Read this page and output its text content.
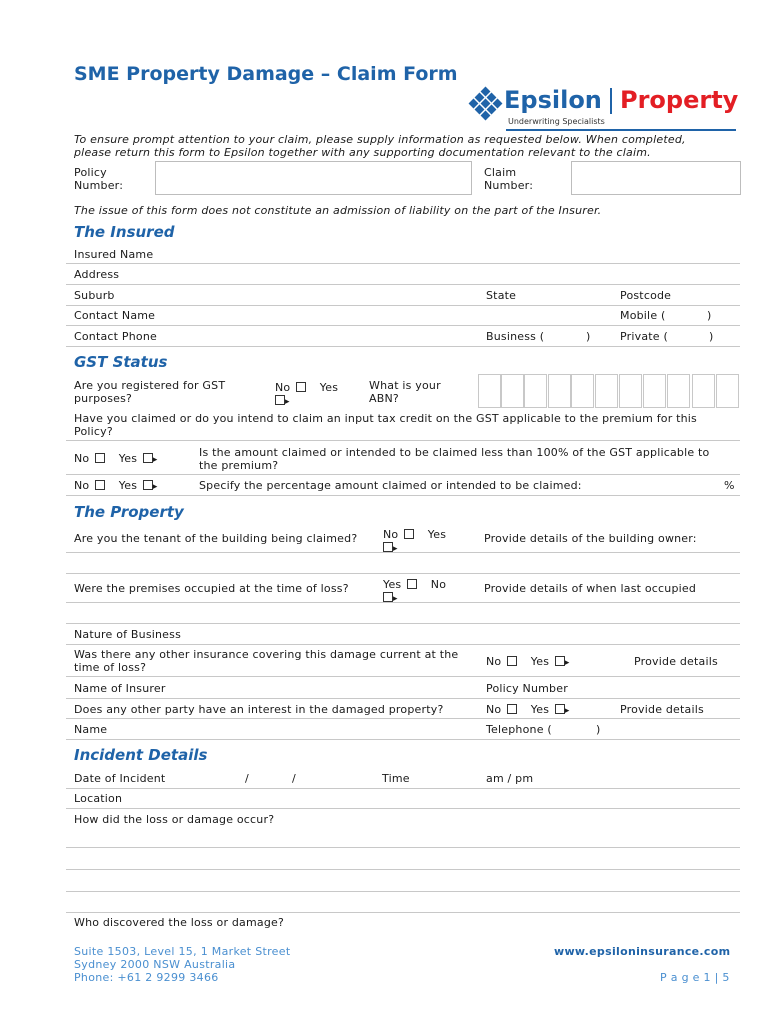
SME Property Damage – Claim Form
Epsilon Property
Underwriting Specialists
To ensure prompt attention to your claim, please supply information as requested below. When completed,
please return this form to Epsilon together with any supporting documentation relevant to the claim.
Policy
Number:
Claim
Number:
The issue of this form does not constitute an admission of liability on the part of the Insurer.
The Insured
Insured Name
Address
Suburb	State	Postcode
Contact Name	Mobile (	)
Contact Phone	Business (	)	Private (	)
GST Status
Are you registered for GST
purposes?
No	Yes
▸
What is your
ABN?
Have you claimed or do you intend to claim an input tax credit on the GST applicable to the premium for this
Policy?
No	Yes ▸
Is the amount claimed or intended to be claimed less than 100% of the GST applicable to
the premium?
No	Yes ▸	Specify the percentage amount claimed or intended to be claimed:	%
The Property
Are you the tenant of the building being claimed? No	Yes
▸
Provide details of the building owner:
Were the premises occupied at the time of loss?	Yes	No
▸
Provide details of when last occupied
Nature of Business
Was there any other insurance covering this damage current at the
time of loss?	No	Yes ▸	Provide details
Name of Insurer	Policy Number
Does any other party have an interest in the damaged property?	No	Yes ▸	Provide details
Name	Telephone (	)
Incident Details
Date of Incident	/	/	Time	am / pm
Location
How did the loss or damage occur?
Who discovered the loss or damage?
Suite 1503, Level 15, 1 Market Street
Sydney 2000 NSW Australia
Phone: +61 2 9299 3466
www.epsiloninsurance.com
P a g e 1 | 5
